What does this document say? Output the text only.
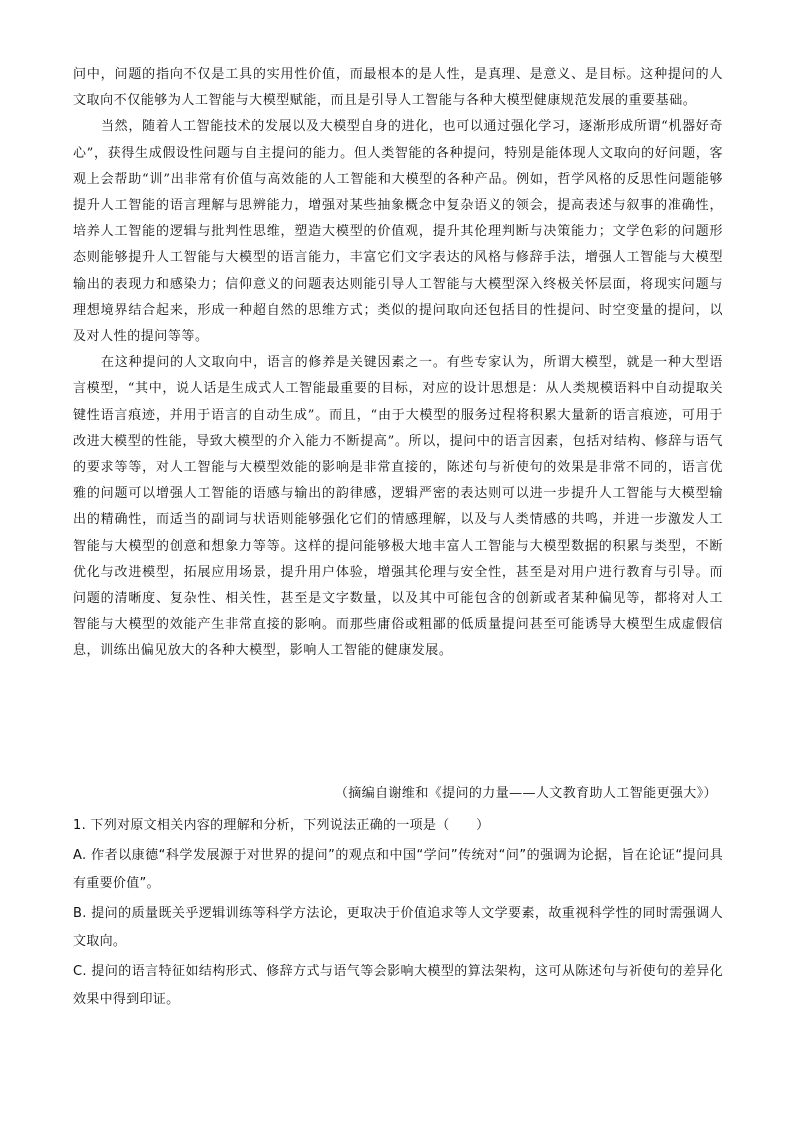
问中，问题的指向不仅是工具的实用性价值，而最根本的是人性，是真理、是意义、是目标。这种提问的人文取向不仅能够为人工智能与大模型赋能，而且是引导人工智能与各种大模型健康规范发展的重要基础。

当然，随着人工智能技术的发展以及大模型自身的进化，也可以通过强化学习，逐渐形成所谓“机器好奇心”，获得生成假设性问题与自主提问的能力。但人类智能的各种提问，特别是能体现人文取向的好问题，客观上会帮助“训”出非常有价值与高效能的人工智能和大模型的各种产品。例如，哲学风格的反思性问题能够提升人工智能的语言理解与思辨能力，增强对某些抽象概念中复杂语义的领会，提高表述与叙事的准确性，培养人工智能的逻辑与批判性思维，塑造大模型的价值观，提升其伦理判断与决策能力；文学色彩的问题形态则能够提升人工智能与大模型的语言能力，丰富它们文字表达的风格与修辞手法，增强人工智能与大模型输出的表现力和感染力；信仰意义的问题表达则能引导人工智能与大模型深入终极关怀层面，将现实问题与理想境界结合起来，形成一种超自然的思维方式；类似的提问取向还包括目的性提问、时空变量的提问，以及对人性的提问等等。

在这种提问的人文取向中，语言的修养是关键因素之一。有些专家认为，所谓大模型，就是一种大型语言模型，“其中，说人话是生成式人工智能最重要的目标，对应的设计思想是：从人类规模语料中自动提取关键性语言痕迹，并用于语言的自动生成”。而且，“由于大模型的服务过程将积累大量新的语言痕迹，可用于改进大模型的性能，导致大模型的介入能力不断提高”。所以，提问中的语言因素，包括对结构、修辞与语气的要求等等，对人工智能与大模型效能的影响是非常直接的，陈述句与祈使句的效果是非常不同的，语言优雅的问题可以增强人工智能的语感与输出的韵律感，逻辑严密的表达则可以进一步提升人工智能与大模型输出的精确性，而适当的副词与状语则能够强化它们的情感理解，以及与人类情感的共鸣，并进一步激发人工智能与大模型的创意和想象力等等。这样的提问能够极大地丰富人工智能与大模型数据的积累与类型，不断优化与改进模型，拓展应用场景，提升用户体验，增强其伦理与安全性，甚至是对用户进行教育与引导。而问题的清晰度、复杂性、相关性，甚至是文字数量，以及其中可能包含的创新或者某种偏见等，都将对人工智能与大模型的效能产生非常直接的影响。而那些庸俗或粗鄙的低质量提问甚至可能诱导大模型生成虚假信息，训练出偏见放大的各种大模型，影响人工智能的健康发展。

（摘编自谢维和《提问的力量——人文教育助人工智能更强大》）

1. 下列对原文相关内容的理解和分析，下列说法正确的一项是（　　）

A. 作者以康德“科学发展源于对世界的提问”的观点和中国“学问”传统对“问”的强调为论据，旨在论证“提问具有重要价值”。

B. 提问的质量既关乎逻辑训练等科学方法论，更取决于价值追求等人文学要素，故重视科学性的同时需强调人文取向。

C. 提问的语言特征如结构形式、修辞方式与语气等会影响大模型的算法架构，这可从陈述句与祈使句的差异化效果中得到印证。
